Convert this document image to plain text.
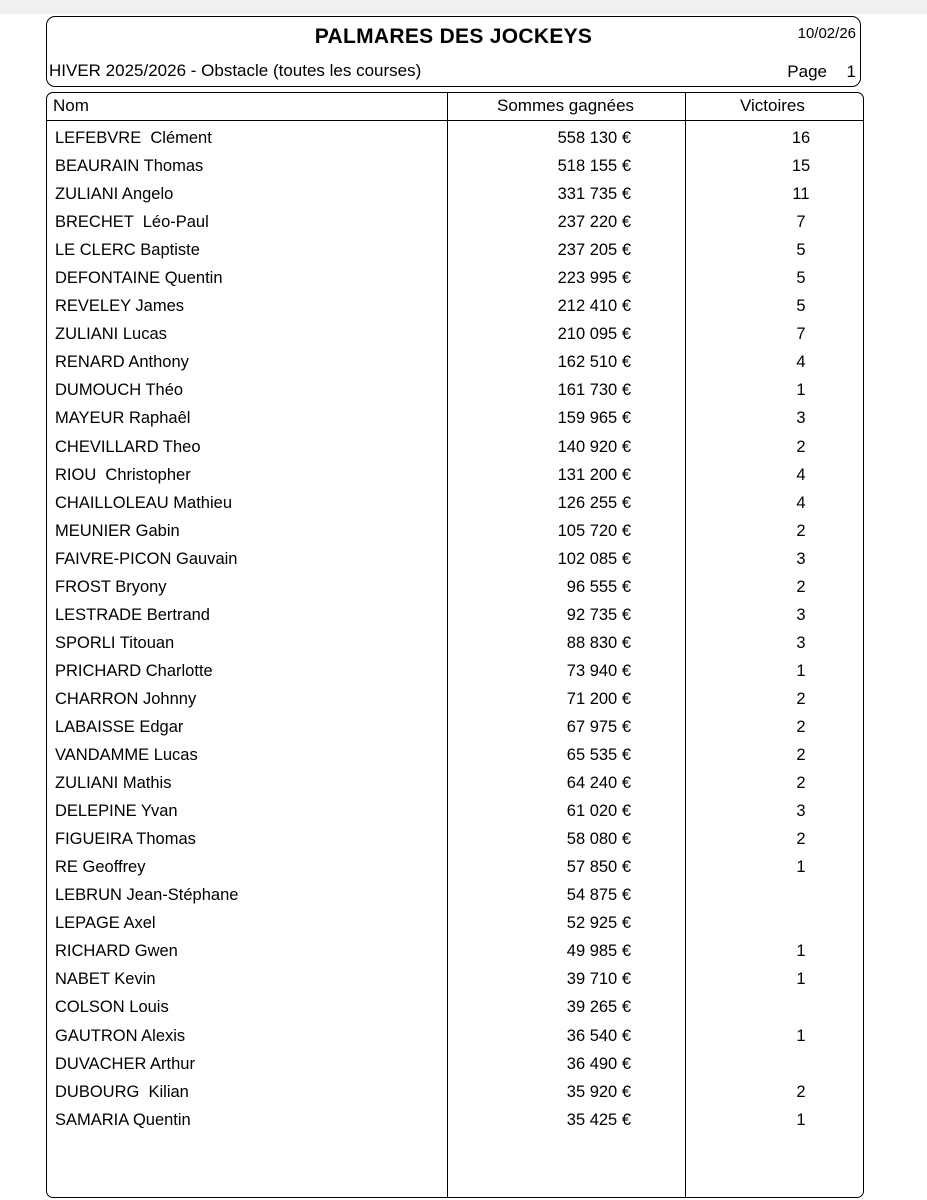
PALMARES DES JOCKEYS	10/02/26
HIVER 2025/2026 - Obstacle (toutes les courses)	Page 1
Nom	Sommes gagnées	Victoires
LEFEBVRE  Clément	558 130 €	16
BEAURAIN Thomas	518 155 €	15
ZULIANI Angelo	331 735 €	11
BRECHET  Léo-Paul	237 220 €	7
LE CLERC Baptiste	237 205 €	5
DEFONTAINE Quentin	223 995 €	5
REVELEY James	212 410 €	5
ZULIANI Lucas	210 095 €	7
RENARD Anthony	162 510 €	4
DUMOUCH Théo	161 730 €	1
MAYEUR Raphaêl	159 965 €	3
CHEVILLARD Theo	140 920 €	2
RIOU  Christopher	131 200 €	4
CHAILLOLEAU Mathieu	126 255 €	4
MEUNIER Gabin	105 720 €	2
FAIVRE-PICON Gauvain	102 085 €	3
FROST Bryony	96 555 €	2
LESTRADE Bertrand	92 735 €	3
SPORLI Titouan	88 830 €	3
PRICHARD Charlotte	73 940 €	1
CHARRON Johnny	71 200 €	2
LABAISSE Edgar	67 975 €	2
VANDAMME Lucas	65 535 €	2
ZULIANI Mathis	64 240 €	2
DELEPINE Yvan	61 020 €	3
FIGUEIRA Thomas	58 080 €	2
RE Geoffrey	57 850 €	1
LEBRUN Jean-Stéphane	54 875 €
LEPAGE Axel	52 925 €
RICHARD Gwen	49 985 €	1
NABET Kevin	39 710 €	1
COLSON Louis	39 265 €
GAUTRON Alexis	36 540 €	1
DUVACHER Arthur	36 490 €
DUBOURG  Kilian	35 920 €	2
SAMARIA Quentin	35 425 €	1
